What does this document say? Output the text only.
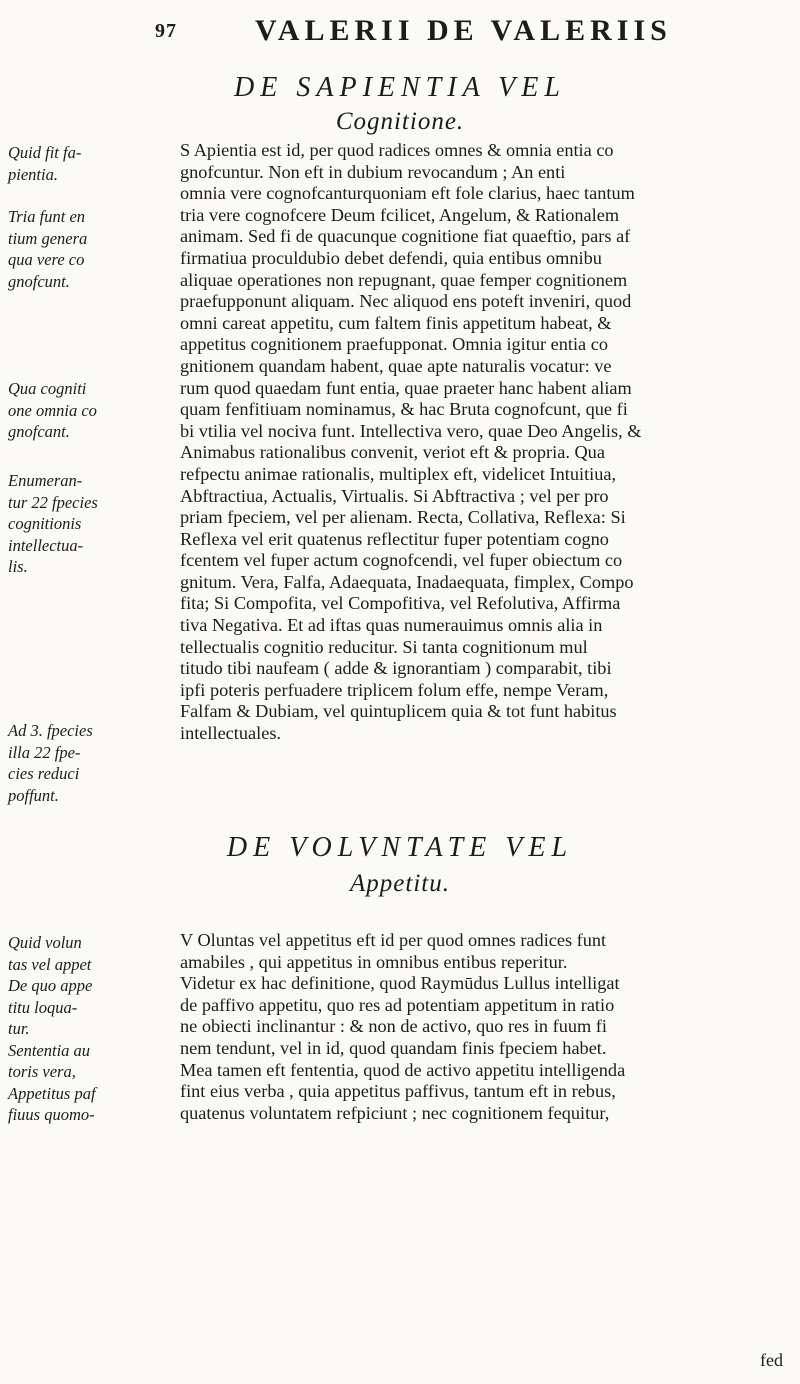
97	VALERII DE VALERIIS
DE SAPIENTIA VEL
Cognitione.
S Apientia est id, per quod radices omnes & omnia entia co
gnofcuntur. Non eft in dubium revocandum ; An enti
omnia vere cognofcanturquoniam eft fole clarius, haec tantum
tria vere cognofcere Deum fcilicet, Angelum, & Rationalem
animam. Sed fi de quacunque cognitione fiat quaeftio, pars af
firmatiua proculdubio debet defendi, quia entibus omnibu
aliquae operationes non repugnant, quae femper cognitionem
praefupponunt aliquam. Nec aliquod ens poteft inveniri, quod
omni careat appetitu, cum faltem finis appetitum habeat, &
appetitus cognitionem praefupponat. Omnia igitur entia co
gnitionem quandam habent, quae apte naturalis vocatur: ve
rum quod quaedam funt entia, quae praeter hanc habent aliam
quam fenfitiuam nominamus, & hac Bruta cognofcunt, que fi
bi vtilia vel nociva funt. Intellectiva vero, quae Deo Angelis, &
Animabus rationalibus convenit, veriot eft & propria. Qua
refpectu animae rationalis, multiplex eft, videlicet Intuitiua,
Abftractiua, Actualis, Virtualis. Si Abftractiva ; vel per pro
priam fpeciem, vel per alienam. Recta, Collativa, Reflexa: Si
Reflexa vel erit quatenus reflectitur fuper potentiam cogno
fcentem vel fuper actum cognofcendi, vel fuper obiectum co
gnitum. Vera, Falfa, Adaequata, Inadaequata, fimplex, Compo
fita; Si Compofita, vel Compofitiva, vel Refolutiva, Affirma
tiva Negativa. Et ad iftas quas numerauimus omnis alia in
tellectualis cognitio reducitur. Si tanta cognitionum mul
titudo tibi naufeam ( adde & ignorantiam ) comparabit, tibi
ipfi poteris perfuadere triplicem folum effe, nempe Veram,
Falfam & Dubiam, vel quintuplicem quia & tot funt habitus
intellectuales.
DE VOLVNTATE VEL
Appetitu.
V Oluntas vel appetitus eft id per quod omnes radices funt
amabiles , qui appetitus in omnibus entibus reperitur.
Videtur ex hac definitione, quod Raymūdus Lullus intelligat
de paffivo appetitu, quo res ad potentiam appetitum in ratio
ne obiecti inclinantur : & non de activo, quo res in fuum fi
nem tendunt, vel in id, quod quandam finis fpeciem habet.
Mea tamen eft fententia, quod de activo appetitu intelligenda
fint eius verba , quia appetitus paffivus, tantum eft in rebus,
quatenus voluntatem refpiciunt ; nec cognitionem fequitur,
Quid fit fa-
pientia.
Tria funt en
tium genera
qua vere co
gnofcunt.
Qua cogniti
one omnia co
gnofcant.
Enumeran-
tur 22 fpecies
cognitionis
intellectua-
lis.
Ad 3. fpecies
illa 22 fpe-
cies reduci
poffunt.
Quid volun
tas vel appet
De quo appe
titu loqua-
tur.
Sententia au
toris vera,
Appetitus paf
fiuus quomo-
fed
